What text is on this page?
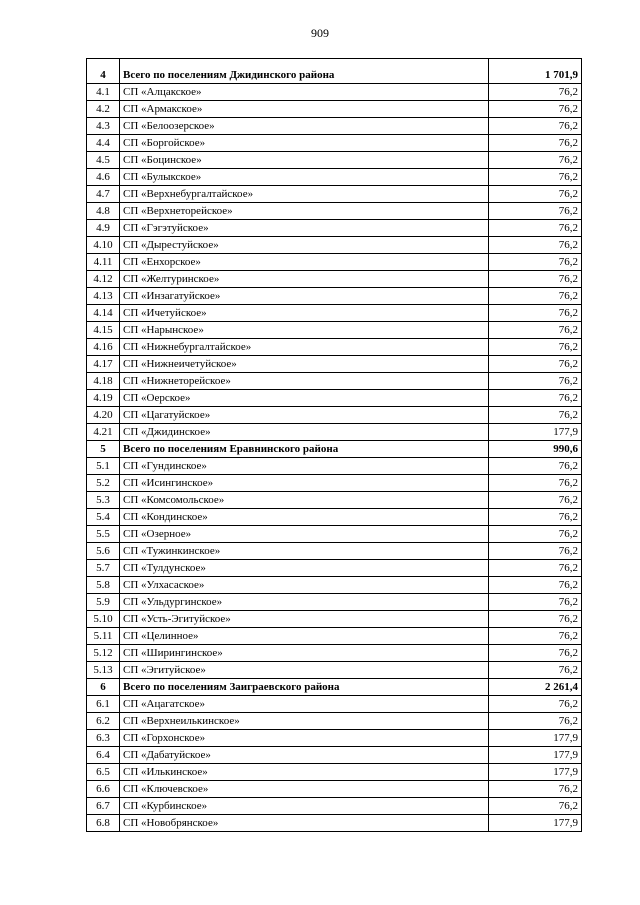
909
4	Всего по поселениям Джидинского района	1 701,9
4.1	СП «Алцакское»	76,2
4.2	СП «Армакское»	76,2
4.3	СП «Белоозерское»	76,2
4.4	СП «Боргойское»	76,2
4.5	СП «Боцинское»	76,2
4.6	СП «Булыкское»	76,2
4.7	СП «Верхнебургалтайское»	76,2
4.8	СП «Верхнеторейское»	76,2
4.9	СП «Гэгэтуйское»	76,2
4.10	СП «Дырестуйское»	76,2
4.11	СП «Енхорское»	76,2
4.12	СП «Желтуринское»	76,2
4.13	СП «Инзагатуйское»	76,2
4.14	СП «Ичетуйское»	76,2
4.15	СП «Нарынское»	76,2
4.16	СП «Нижнебургалтайское»	76,2
4.17	СП «Нижнеичетуйское»	76,2
4.18	СП «Нижнеторейское»	76,2
4.19	СП «Оерское»	76,2
4.20	СП «Цагатуйское»	76,2
4.21	СП «Джидинское»	177,9
5	Всего по поселениям Еравнинского района	990,6
5.1	СП «Гундинское»	76,2
5.2	СП «Исингинское»	76,2
5.3	СП «Комсомольское»	76,2
5.4	СП «Кондинское»	76,2
5.5	СП «Озерное»	76,2
5.6	СП «Тужинкинское»	76,2
5.7	СП «Тулдунское»	76,2
5.8	СП «Улхасаское»	76,2
5.9	СП «Ульдургинское»	76,2
5.10	СП «Усть-Эгитуйское»	76,2
5.11	СП «Целинное»	76,2
5.12	СП «Ширингинское»	76,2
5.13	СП «Эгитуйское»	76,2
6	Всего по поселениям Заиграевского района	2 261,4
6.1	СП «Ацагатское»	76,2
6.2	СП «Верхнеилькинское»	76,2
6.3	СП «Горхонское»	177,9
6.4	СП «Дабатуйское»	177,9
6.5	СП «Илькинское»	177,9
6.6	СП «Ключевское»	76,2
6.7	СП «Курбинское»	76,2
6.8	СП «Новобрянское»	177,9
